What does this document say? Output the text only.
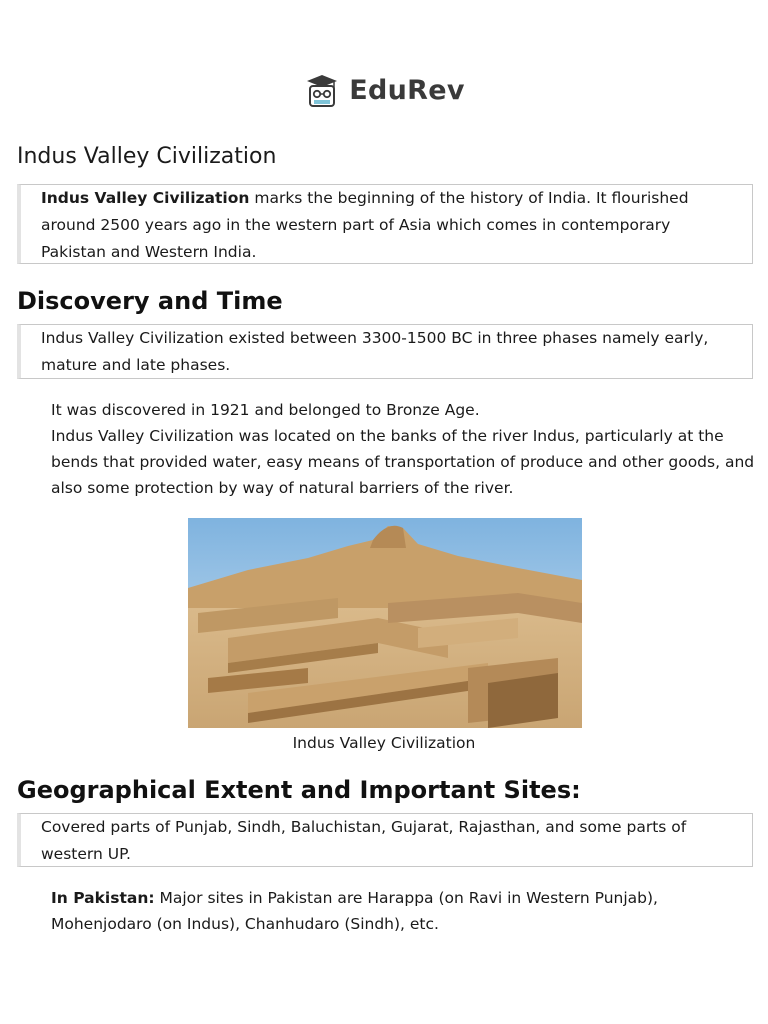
EduRev
Indus Valley Civilization
Indus Valley Civilization marks the beginning of the history of India. It flourished around 2500 years ago in the western part of Asia which comes in contemporary Pakistan and Western India.
Discovery and Time
Indus Valley Civilization existed between 3300-1500 BC in three phases namely early, mature and late phases.
It was discovered in 1921 and belonged to Bronze Age.
Indus Valley Civilization was located on the banks of the river Indus, particularly at the bends that provided water, easy means of transportation of produce and other goods, and also some protection by way of natural barriers of the river.
Indus Valley Civilization
Geographical Extent and Important Sites:
Covered parts of Punjab, Sindh, Baluchistan, Gujarat, Rajasthan, and some parts of western UP.
In Pakistan: Major sites in Pakistan are Harappa (on Ravi in Western Punjab), Mohenjodaro (on Indus), Chanhudaro (Sindh), etc.
